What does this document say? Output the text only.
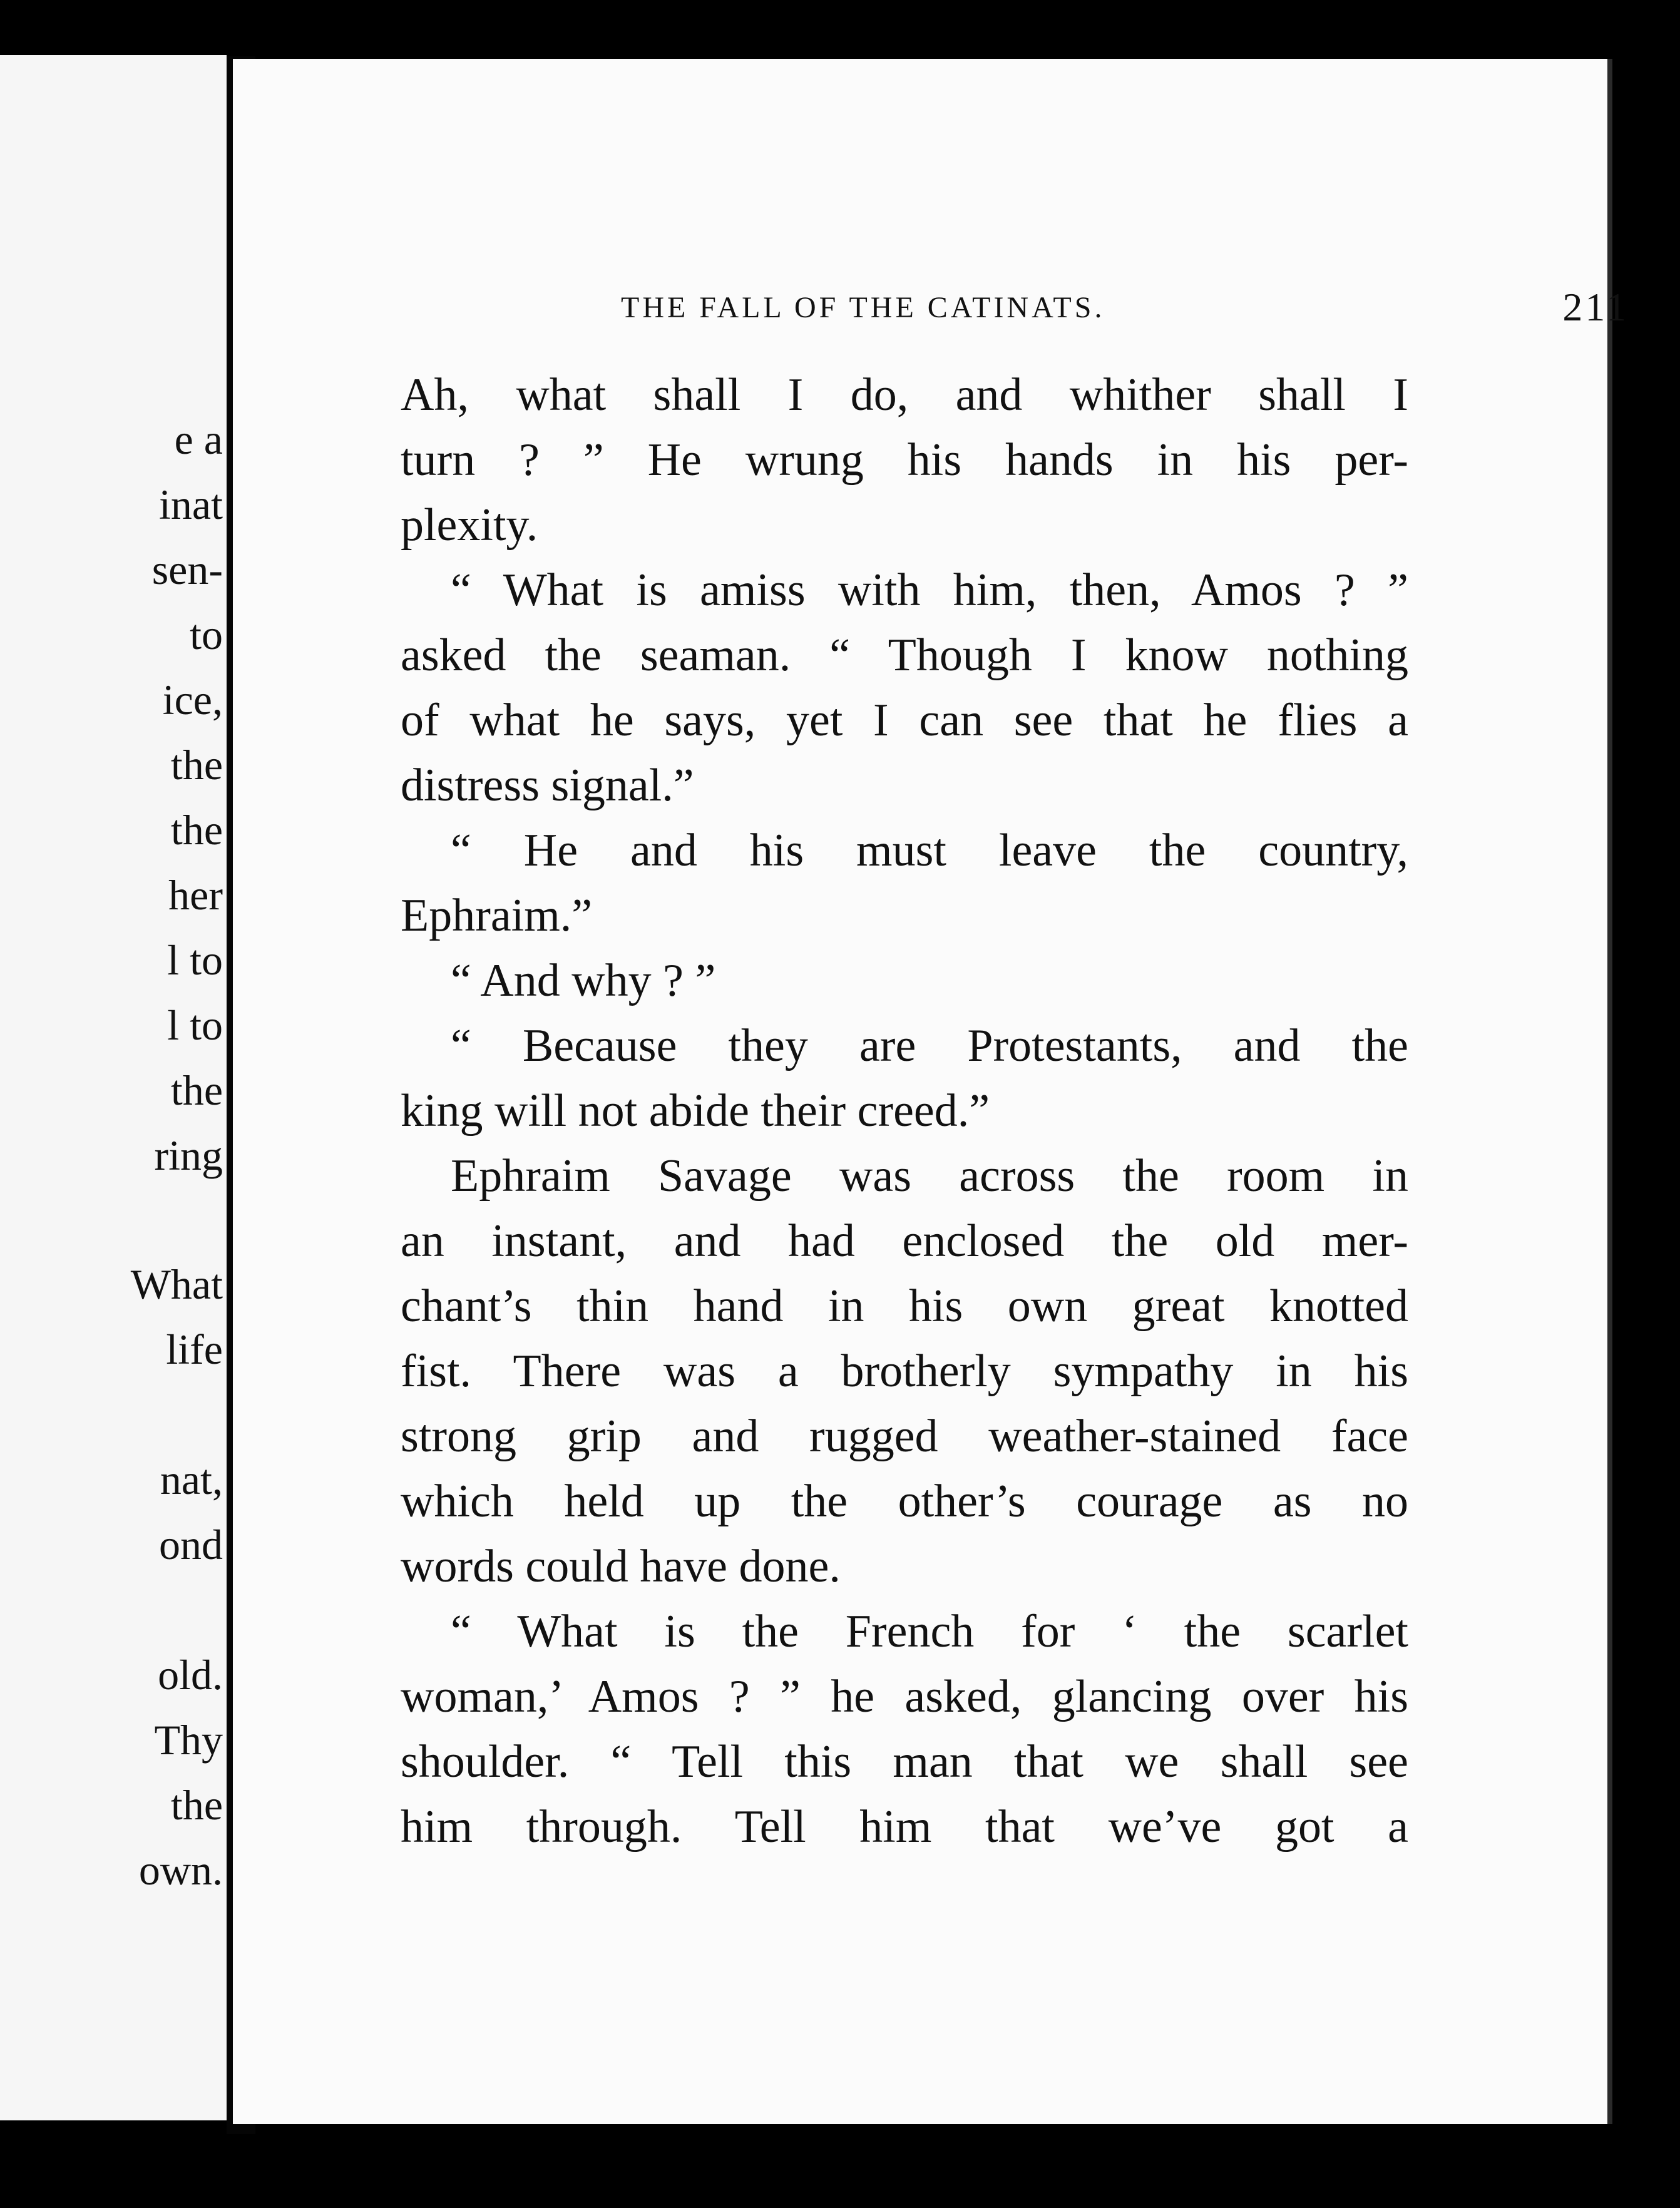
e a
inat
sen-
to
ice,
the
the
her
l to
l to
the
ring
What
life
nat,
ond
old.
Thy
the
own.
THE FALL OF THE CATINATS.	211
Ah, what shall I do, and whither shall I
turn ? ” He wrung his hands in his per-
plexity.
“ What is amiss with him, then, Amos ? ”
asked the seaman. “ Though I know nothing
of what he says, yet I can see that he flies a
distress signal.”
“ He and his must leave the country,
Ephraim.”
“ And why ? ”
“ Because they are Protestants, and the
king will not abide their creed.”
Ephraim Savage was across the room in
an instant, and had enclosed the old mer-
chant’s thin hand in his own great knotted
fist. There was a brotherly sympathy in his
strong grip and rugged weather-stained face
which held up the other’s courage as no
words could have done.
“ What is the French for ‘ the scarlet
woman,’ Amos ? ” he asked, glancing over his
shoulder. “ Tell this man that we shall see
him through. Tell him that we’ve got a
